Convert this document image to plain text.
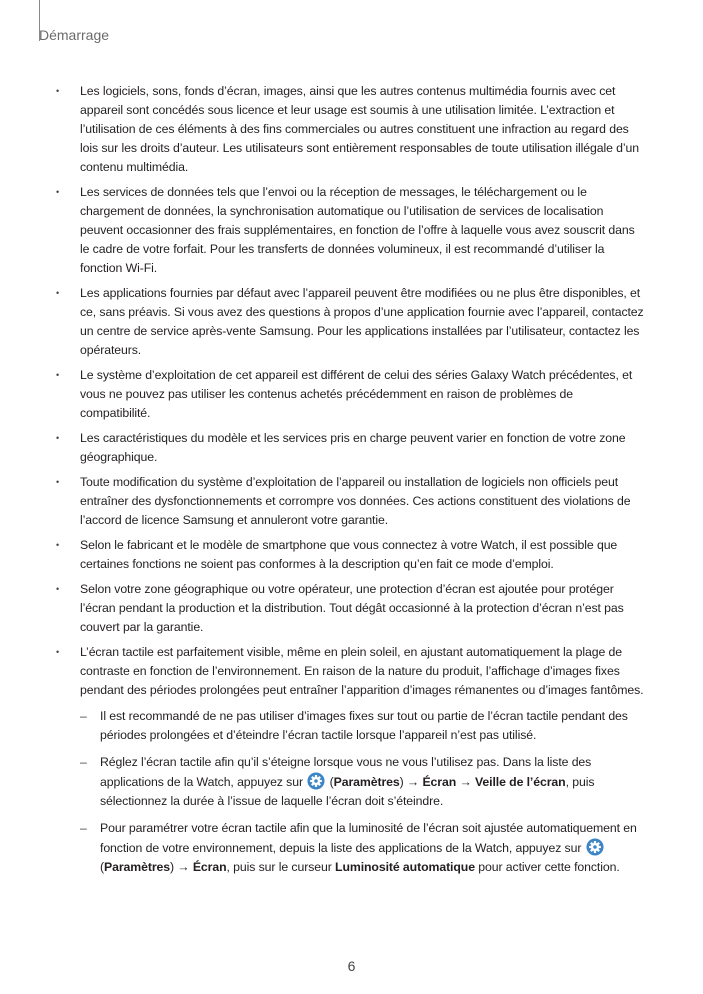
Démarrage
• Les logiciels, sons, fonds d’écran, images, ainsi que les autres contenus multimédia fournis avec cet appareil sont concédés sous licence et leur usage est soumis à une utilisation limitée. L’extraction et l’utilisation de ces éléments à des fins commerciales ou autres constituent une infraction au regard des lois sur les droits d’auteur. Les utilisateurs sont entièrement responsables de toute utilisation illégale d’un contenu multimédia.
• Les services de données tels que l’envoi ou la réception de messages, le téléchargement ou le chargement de données, la synchronisation automatique ou l’utilisation de services de localisation peuvent occasionner des frais supplémentaires, en fonction de l’offre à laquelle vous avez souscrit dans le cadre de votre forfait. Pour les transferts de données volumineux, il est recommandé d’utiliser la fonction Wi-Fi.
• Les applications fournies par défaut avec l’appareil peuvent être modifiées ou ne plus être disponibles, et ce, sans préavis. Si vous avez des questions à propos d’une application fournie avec l’appareil, contactez un centre de service après-vente Samsung. Pour les applications installées par l’utilisateur, contactez les opérateurs.
• Le système d’exploitation de cet appareil est différent de celui des séries Galaxy Watch précédentes, et vous ne pouvez pas utiliser les contenus achetés précédemment en raison de problèmes de compatibilité.
• Les caractéristiques du modèle et les services pris en charge peuvent varier en fonction de votre zone géographique.
• Toute modification du système d’exploitation de l’appareil ou installation de logiciels non officiels peut entraîner des dysfonctionnements et corrompre vos données. Ces actions constituent des violations de l’accord de licence Samsung et annuleront votre garantie.
• Selon le fabricant et le modèle de smartphone que vous connectez à votre Watch, il est possible que certaines fonctions ne soient pas conformes à la description qu’en fait ce mode d’emploi.
• Selon votre zone géographique ou votre opérateur, une protection d’écran est ajoutée pour protéger l’écran pendant la production et la distribution. Tout dégât occasionné à la protection d’écran n’est pas couvert par la garantie.
• L’écran tactile est parfaitement visible, même en plein soleil, en ajustant automatiquement la plage de contraste en fonction de l’environnement. En raison de la nature du produit, l’affichage d’images fixes pendant des périodes prolongées peut entraîner l’apparition d’images rémanentes ou d’images fantômes.
– Il est recommandé de ne pas utiliser d’images fixes sur tout ou partie de l’écran tactile pendant des périodes prolongées et d’éteindre l’écran tactile lorsque l’appareil n’est pas utilisé.
– Réglez l’écran tactile afin qu’il s’éteigne lorsque vous ne vous l’utilisez pas. Dans la liste des applications de la Watch, appuyez sur (Paramètres) → Écran → Veille de l’écran, puis sélectionnez la durée à l’issue de laquelle l’écran doit s’éteindre.
– Pour paramétrer votre écran tactile afin que la luminosité de l’écran soit ajustée automatiquement en fonction de votre environnement, depuis la liste des applications de la Watch, appuyez sur
(Paramètres) → Écran, puis sur le curseur Luminosité automatique pour activer cette fonction.
6
